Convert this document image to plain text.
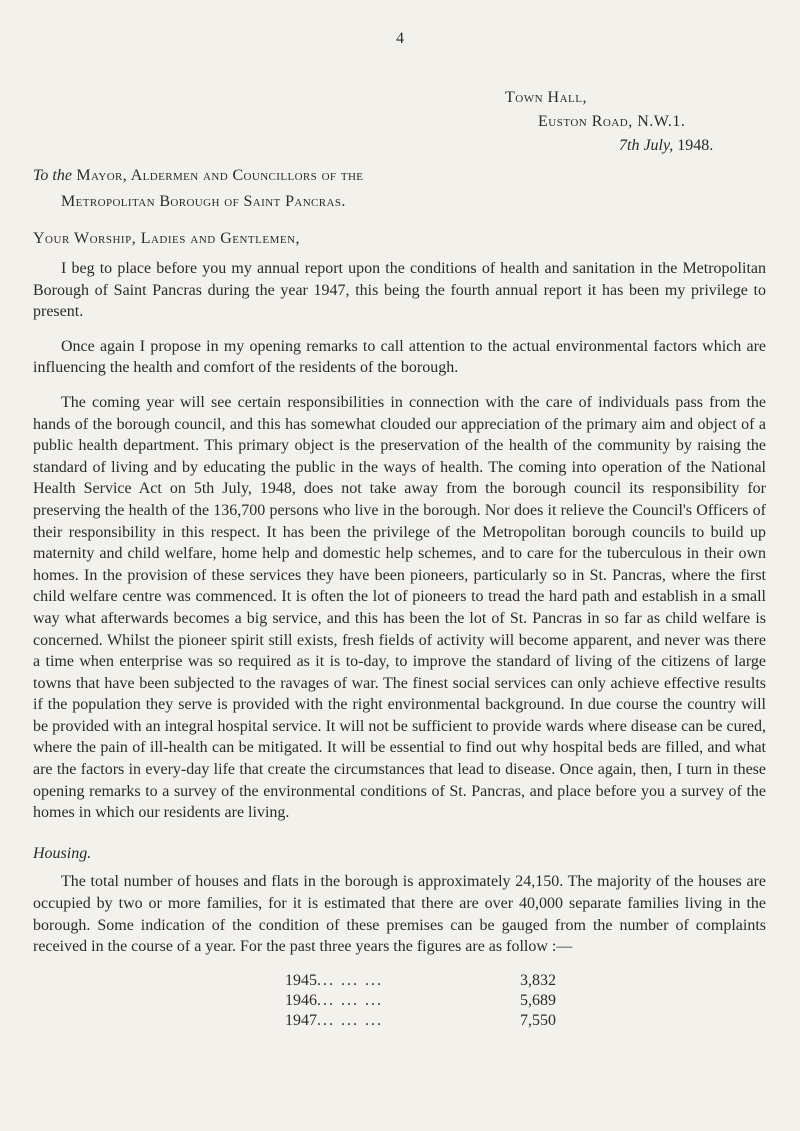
4
Town Hall,
Euston Road, N.W.1.
7th July, 1948.
To the Mayor, Aldermen and Councillors of the
Metropolitan Borough of Saint Pancras.
Your Worship, Ladies and Gentlemen,

I beg to place before you my annual report upon the conditions of health and sanitation in the Metropolitan Borough of Saint Pancras during the year 1947, this being the fourth annual report it has been my privilege to present.

Once again I propose in my opening remarks to call attention to the actual environmental factors which are influencing the health and comfort of the residents of the borough.

The coming year will see certain responsibilities in connection with the care of individuals pass from the hands of the borough council, and this has somewhat clouded our appreciation of the primary aim and object of a public health department. This primary object is the preservation of the health of the community by raising the standard of living and by educating the public in the ways of health. The coming into operation of the National Health Service Act on 5th July, 1948, does not take away from the borough council its responsibility for preserving the health of the 136,700 persons who live in the borough. Nor does it relieve the Council's Officers of their responsibility in this respect. It has been the privilege of the Metropolitan borough councils to build up maternity and child welfare, home help and domestic help schemes, and to care for the tuberculous in their own homes. In the provision of these services they have been pioneers, particularly so in St. Pancras, where the first child welfare centre was commenced. It is often the lot of pioneers to tread the hard path and establish in a small way what afterwards becomes a big service, and this has been the lot of St. Pancras in so far as child welfare is concerned. Whilst the pioneer spirit still exists, fresh fields of activity will become apparent, and never was there a time when enterprise was so required as it is to-day, to improve the standard of living of the citizens of large towns that have been subjected to the ravages of war. The finest social services can only achieve effective results if the population they serve is provided with the right environmental background. In due course the country will be provided with an integral hospital service. It will not be sufficient to provide wards where disease can be cured, where the pain of ill-health can be mitigated. It will be essential to find out why hospital beds are filled, and what are the factors in every-day life that create the circumstances that lead to disease. Once again, then, I turn in these opening remarks to a survey of the environmental conditions of St. Pancras, and place before you a survey of the homes in which our residents are living.

Housing.

The total number of houses and flats in the borough is approximately 24,150. The majority of the houses are occupied by two or more families, for it is estimated that there are over 40,000 separate families living in the borough. Some indication of the condition of these premises can be gauged from the number of complaints received in the course of a year. For the past three years the figures are as follow :—

1945	... ... ...	3,832
1946	... ... ...	5,689
1947	... ... ...	7,550
